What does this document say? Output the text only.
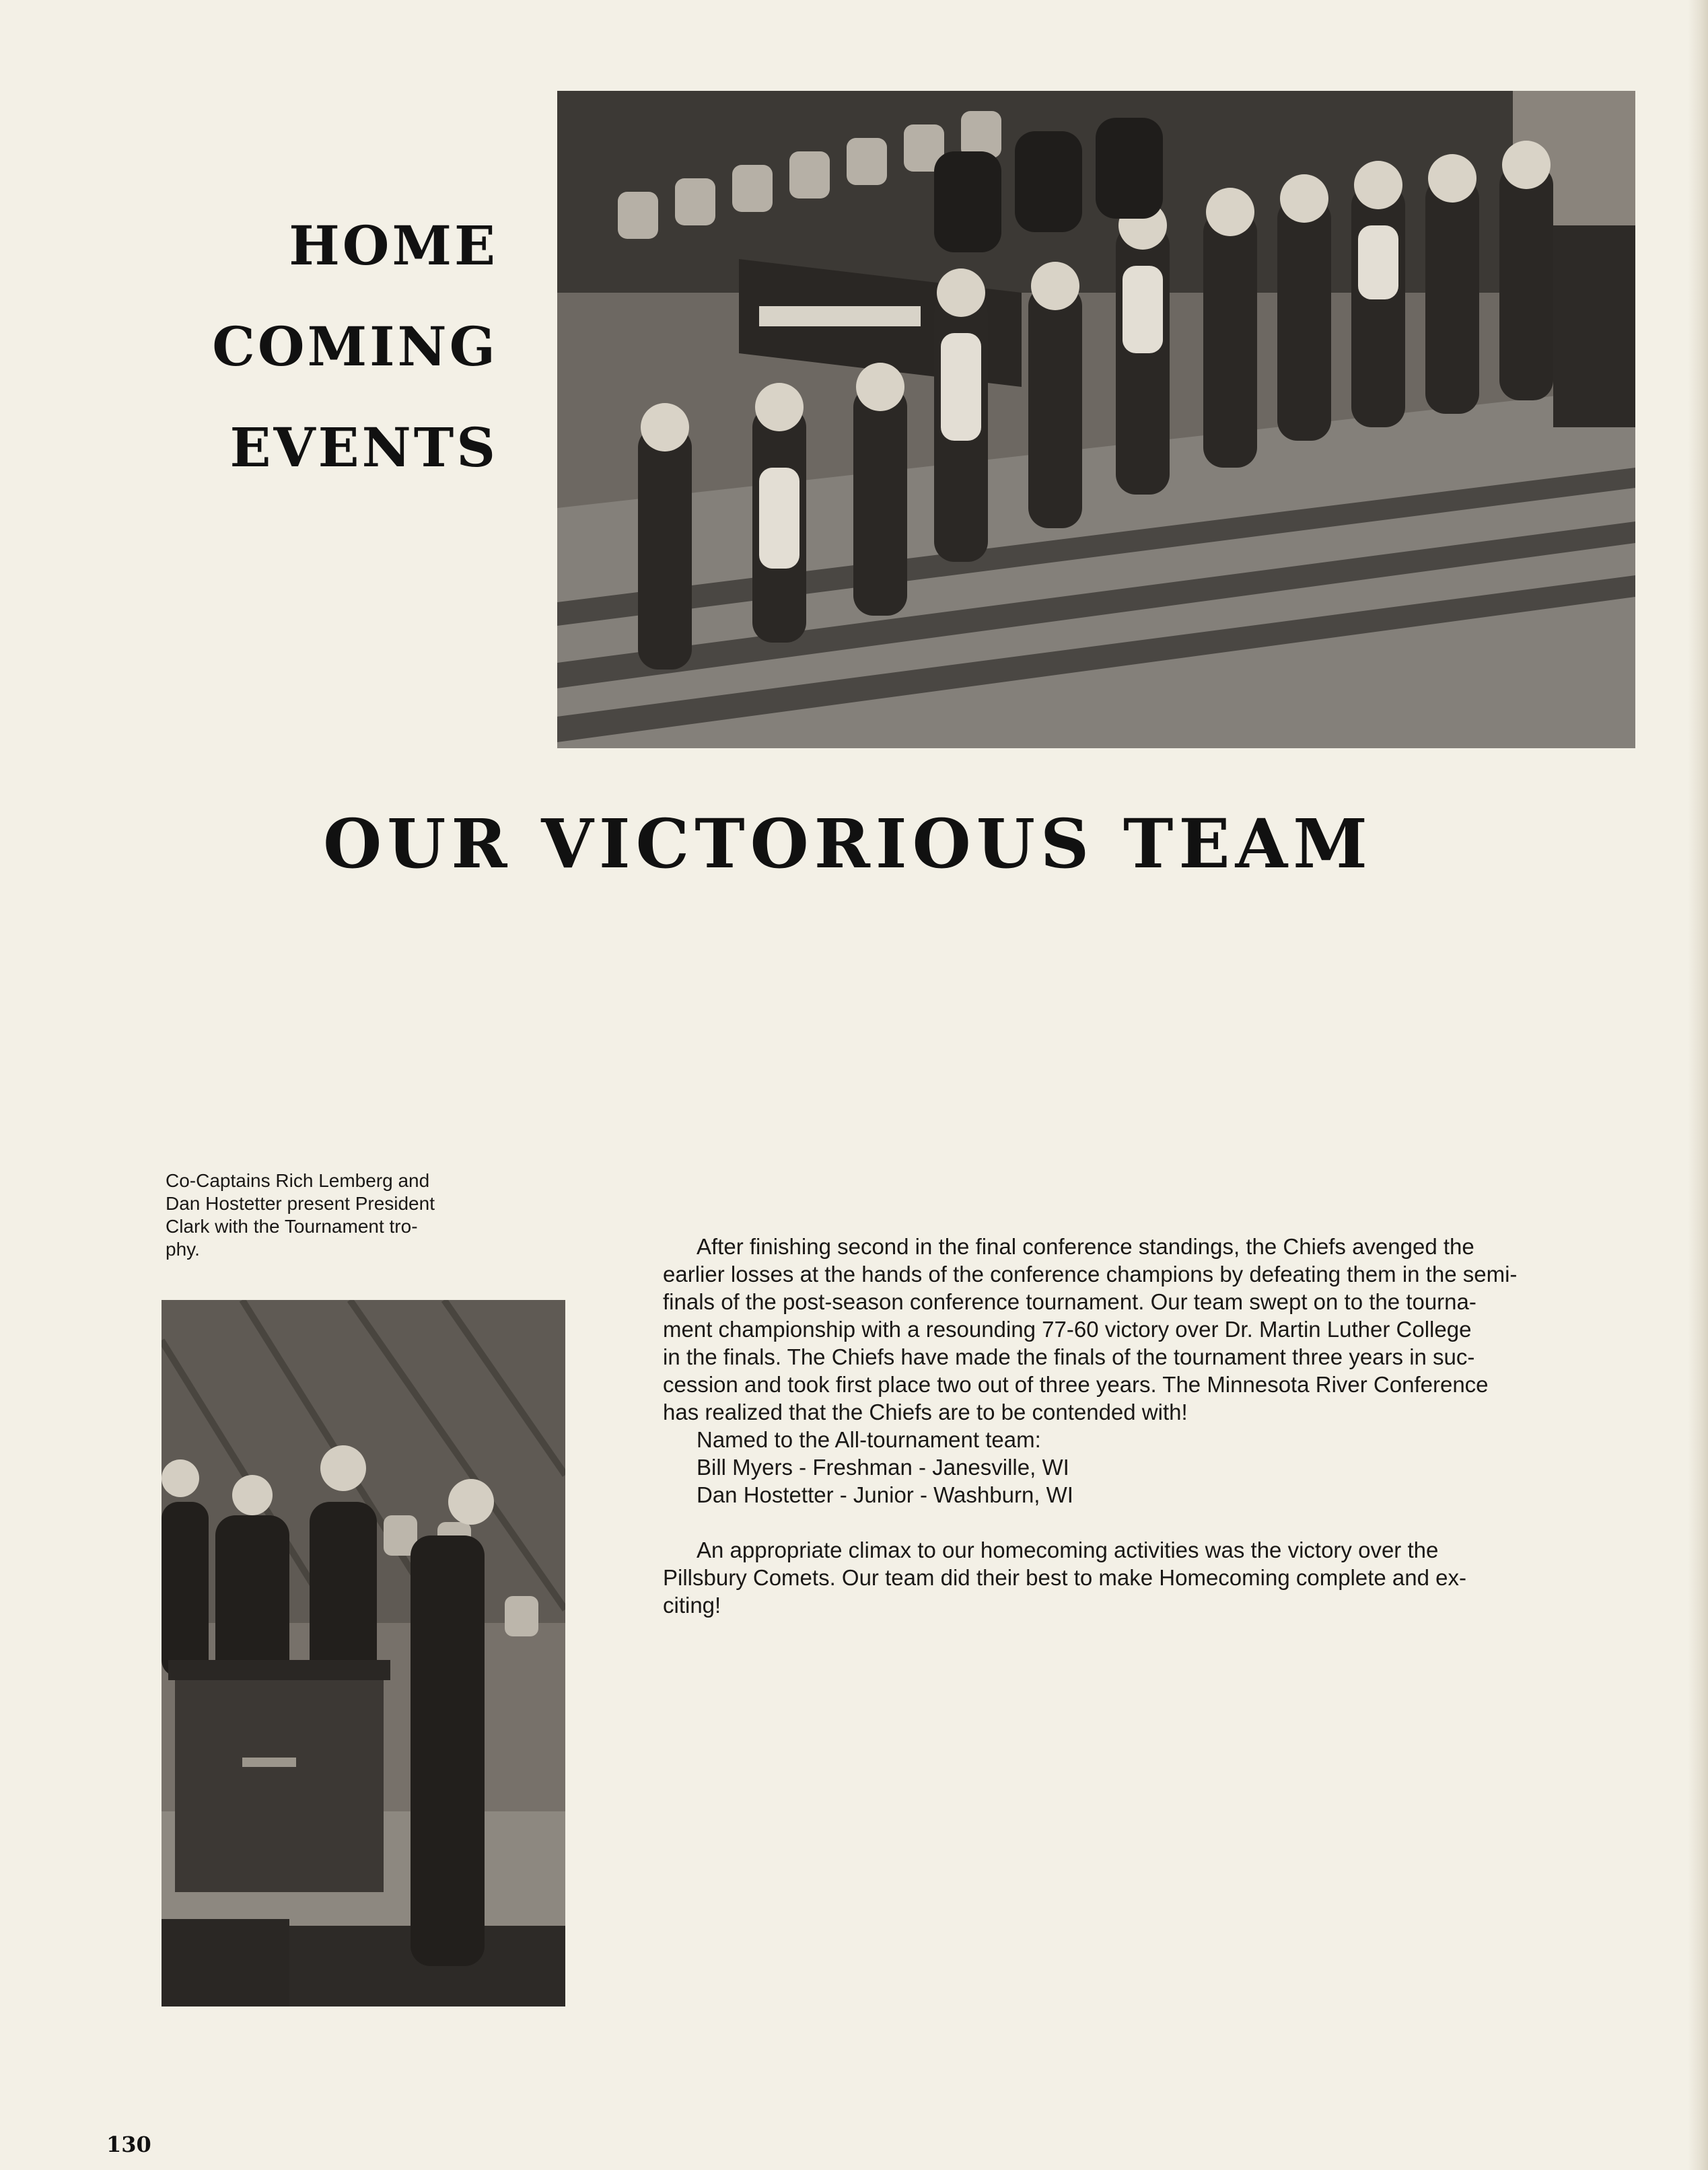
HOME
COMING
EVENTS
OUR VICTORIOUS TEAM
Co-Captains Rich Lemberg and
Dan Hostetter present President
Clark with the Tournament tro-
phy.	After finishing second in the final conference standings, the Chiefs avenged the
earlier losses at the hands of the conference champions by defeating them in the semi-
finals of the post-season conference tournament. Our team swept on to the tourna-
ment championship with a resounding 77-60 victory over Dr. Martin Luther College
in the finals. The Chiefs have made the finals of the tournament three years in suc-
cession and took first place two out of three years. The Minnesota River Conference
has realized that the Chiefs are to be contended with!
Named to the All-tournament team:
Bill Myers - Freshman - Janesville, WI
Dan Hostetter - Junior - Washburn, WI
An appropriate climax to our homecoming activities was the victory over the
Pillsbury Comets. Our team did their best to make Homecoming complete and ex-
citing!
130
